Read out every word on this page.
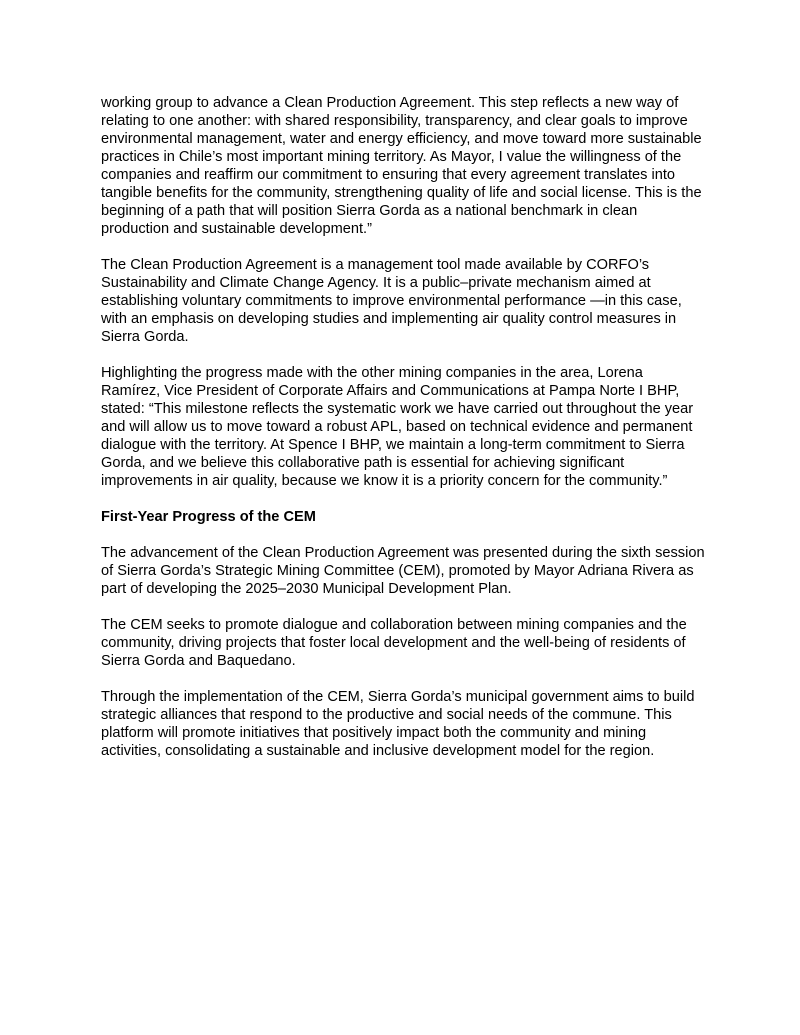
working group to advance a Clean Production Agreement. This step reflects a new way of relating to one another: with shared responsibility, transparency, and clear goals to improve environmental management, water and energy efficiency, and move toward more sustainable practices in Chile’s most important mining territory. As Mayor, I value the willingness of the companies and reaffirm our commitment to ensuring that every agreement translates into tangible benefits for the community, strengthening quality of life and social license. This is the beginning of a path that will position Sierra Gorda as a national benchmark in clean production and sustainable development.”

The Clean Production Agreement is a management tool made available by CORFO’s Sustainability and Climate Change Agency. It is a public–private mechanism aimed at establishing voluntary commitments to improve environmental performance —in this case, with an emphasis on developing studies and implementing air quality control measures in Sierra Gorda.

Highlighting the progress made with the other mining companies in the area, Lorena Ramírez, Vice President of Corporate Affairs and Communications at Pampa Norte I BHP, stated: “This milestone reflects the systematic work we have carried out throughout the year and will allow us to move toward a robust APL, based on technical evidence and permanent dialogue with the territory. At Spence I BHP, we maintain a long-term commitment to Sierra Gorda, and we believe this collaborative path is essential for achieving significant improvements in air quality, because we know it is a priority concern for the community.”

First-Year Progress of the CEM

The advancement of the Clean Production Agreement was presented during the sixth session of Sierra Gorda’s Strategic Mining Committee (CEM), promoted by Mayor Adriana Rivera as part of developing the 2025–2030 Municipal Development Plan.

The CEM seeks to promote dialogue and collaboration between mining companies and the community, driving projects that foster local development and the well-being of residents of Sierra Gorda and Baquedano.

Through the implementation of the CEM, Sierra Gorda’s municipal government aims to build strategic alliances that respond to the productive and social needs of the commune. This platform will promote initiatives that positively impact both the community and mining activities, consolidating a sustainable and inclusive development model for the region.
